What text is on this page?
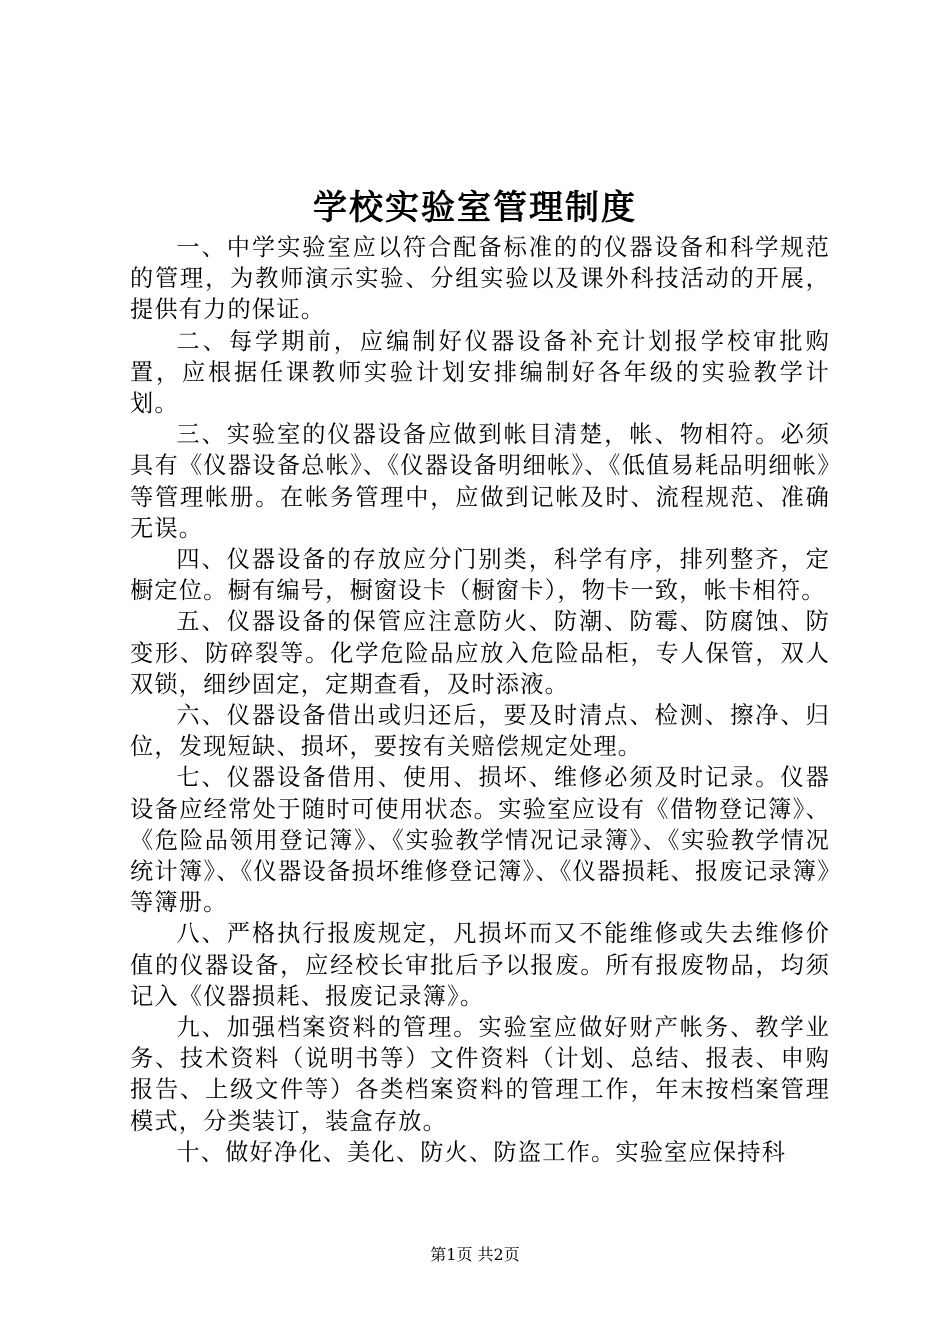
学校实验室管理制度

一、中学实验室应以符合配备标准的的仪器设备和科学规范的管理，为教师演示实验、分组实验以及课外科技活动的开展，提供有力的保证。

二、每学期前，应编制好仪器设备补充计划报学校审批购置，应根据任课教师实验计划安排编制好各年级的实验教学计划。

三、实验室的仪器设备应做到帐目清楚，帐、物相符。必须具有《仪器设备总帐》、《仪器设备明细帐》、《低值易耗品明细帐》等管理帐册。在帐务管理中，应做到记帐及时、流程规范、准确无误。

四、仪器设备的存放应分门别类，科学有序，排列整齐，定橱定位。橱有编号，橱窗设卡（橱窗卡），物卡一致，帐卡相符。

五、仪器设备的保管应注意防火、防潮、防霉、防腐蚀、防变形、防碎裂等。化学危险品应放入危险品柜，专人保管，双人双锁，细纱固定，定期查看，及时添液。

六、仪器设备借出或归还后，要及时清点、检测、擦净、归位，发现短缺、损坏，要按有关赔偿规定处理。

七、仪器设备借用、使用、损坏、维修必须及时记录。仪器设备应经常处于随时可使用状态。实验室应设有《借物登记簿》、《危险品领用登记簿》、《实验教学情况记录簿》、《实验教学情况统计簿》、《仪器设备损坏维修登记簿》、《仪器损耗、报废记录簿》等簿册。

八、严格执行报废规定，凡损坏而又不能维修或失去维修价值的仪器设备，应经校长审批后予以报废。所有报废物品，均须记入《仪器损耗、报废记录簿》。

九、加强档案资料的管理。实验室应做好财产帐务、教学业务、技术资料（说明书等）文件资料（计划、总结、报表、申购报告、上级文件等）各类档案资料的管理工作，年末按档案管理模式，分类装订，装盒存放。

十、做好净化、美化、防火、防盗工作。实验室应保持科

第1页 共2页
